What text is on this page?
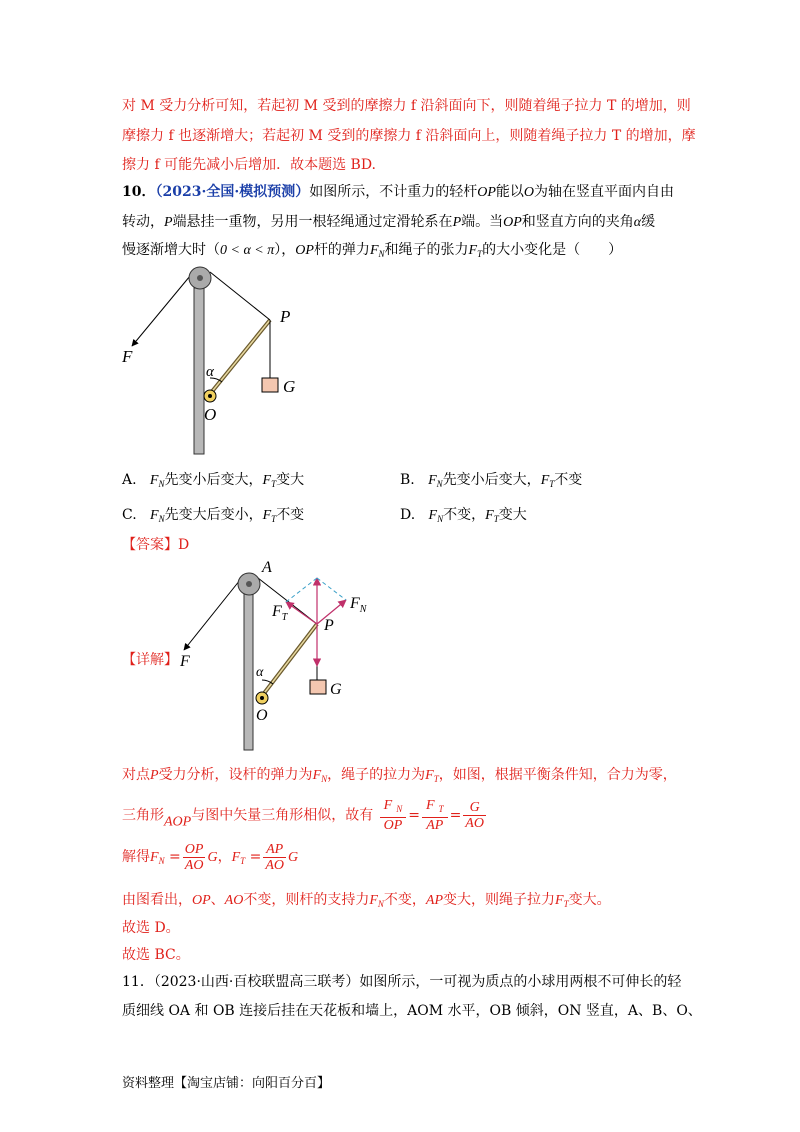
对 M 受力分析可知，若起初 M 受到的摩擦力 f 沿斜面向下，则随着绳子拉力 T 的增加，则
摩擦力 f 也逐渐增大；若起初 M 受到的摩擦力 f 沿斜面向上，则随着绳子拉力 T 的增加，摩
擦力 f 可能先减小后增加．故本题选 BD.
10．（2023·全国·模拟预测）如图所示，不计重力的轻杆OP能以O为轴在竖直平面内自由
转动，P端悬挂一重物，另用一根轻绳通过定滑轮系在P端。当OP和竖直方向的夹角α缓
慢逐渐增大时（0 < α < π），OP杆的弹力$F_N$和绳子的张力$F_T$的大小变化是（　　）
P
F
α
O
G
A. $F_N$先变小后变大，$F_T$变大	B. $F_N$先变小后变大，$F_T$不变
C. $F_N$先变大后变小，$F_T$不变	D. $F_N$不变，$F_T$变大
【答案】D
【详解】
A
$F_T$
$F_N$
P
F
α
O
G
对点P受力分析，设杆的弹力为$F_N$，绳子的拉力为$F_T$，如图，根据平衡条件知，合力为零，
三角形AOP与图中矢量三角形相似，故有 $\frac{F _N}{OP} = \frac{F _T}{AP} = \frac{G}{AO}$
解得$F_N = \frac{OP}{AO}$ G，$F_T = \frac{AP}{AO}$ G
由图看出，OP、AO不变，则杆的支持力$F_N$不变，AP变大，则绳子拉力$F_T$变大。
故选 D。
故选 BC。
11．（2023·山西·百校联盟高三联考）如图所示，一可视为质点的小球用两根不可伸长的轻
质细线 OA 和 OB 连接后挂在天花板和墙上，AOM 水平，OB 倾斜，ON 竖直，A、B、O、
资料整理【淘宝店铺：向阳百分百】
